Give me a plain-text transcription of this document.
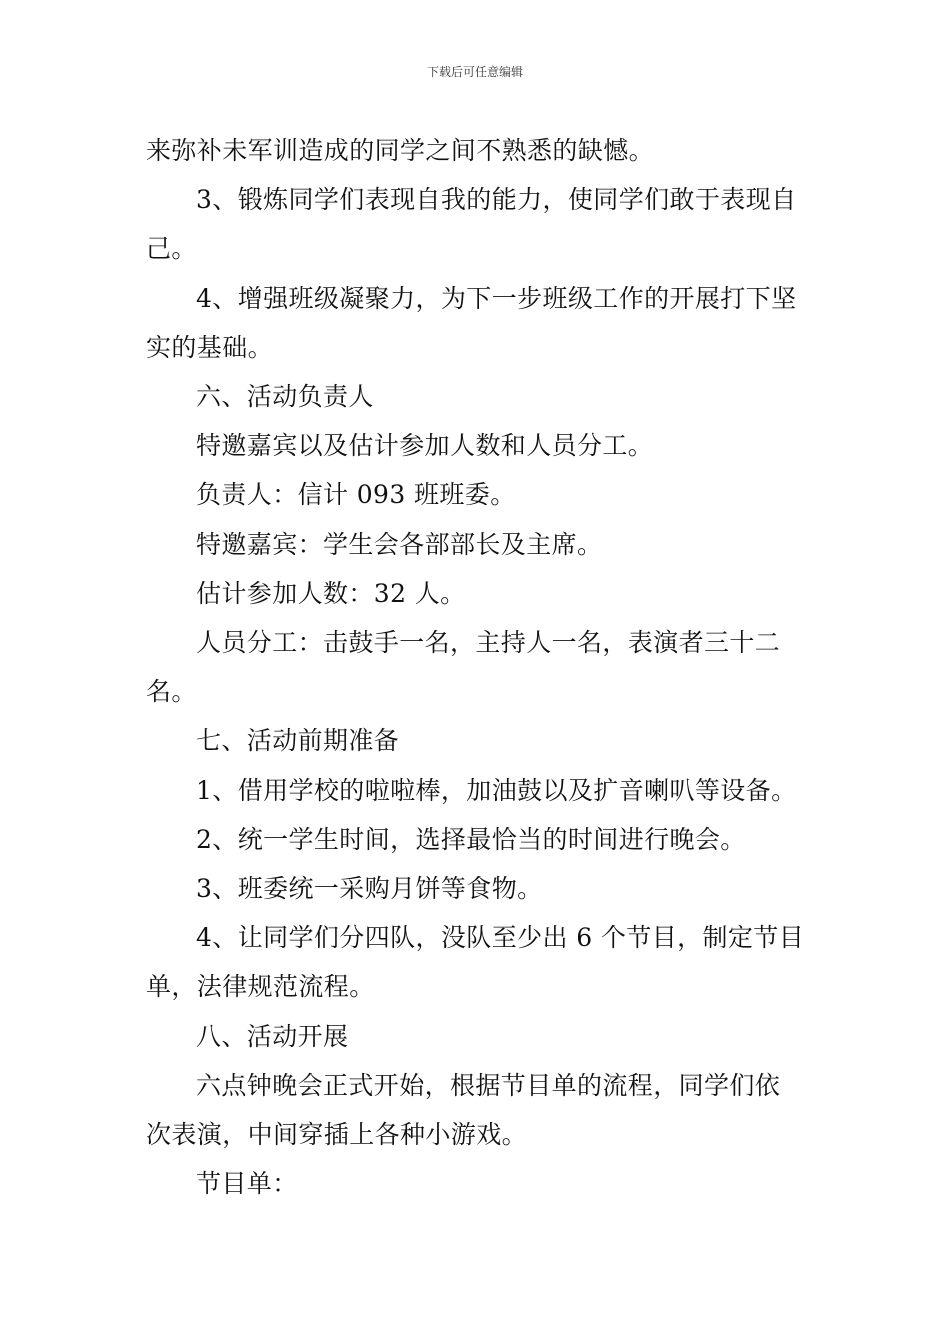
下载后可任意编辑

来弥补未军训造成的同学之间不熟悉的缺憾。

3、锻炼同学们表现自我的能力，使同学们敢于表现自

己。

4、增强班级凝聚力，为下一步班级工作的开展打下坚

实的基础。

六、活动负责人

特邀嘉宾以及估计参加人数和人员分工。

负责人：信计 093 班班委。

特邀嘉宾：学生会各部部长及主席。

估计参加人数：32 人。

人员分工：击鼓手一名，主持人一名，表演者三十二

名。

七、活动前期准备

1、借用学校的啦啦棒，加油鼓以及扩音喇叭等设备。

2、统一学生时间，选择最恰当的时间进行晚会。

3、班委统一采购月饼等食物。

4、让同学们分四队，没队至少出 6 个节目，制定节目

单，法律规范流程。

八、活动开展

六点钟晚会正式开始，根据节目单的流程，同学们依

次表演，中间穿插上各种小游戏。

节目单：
